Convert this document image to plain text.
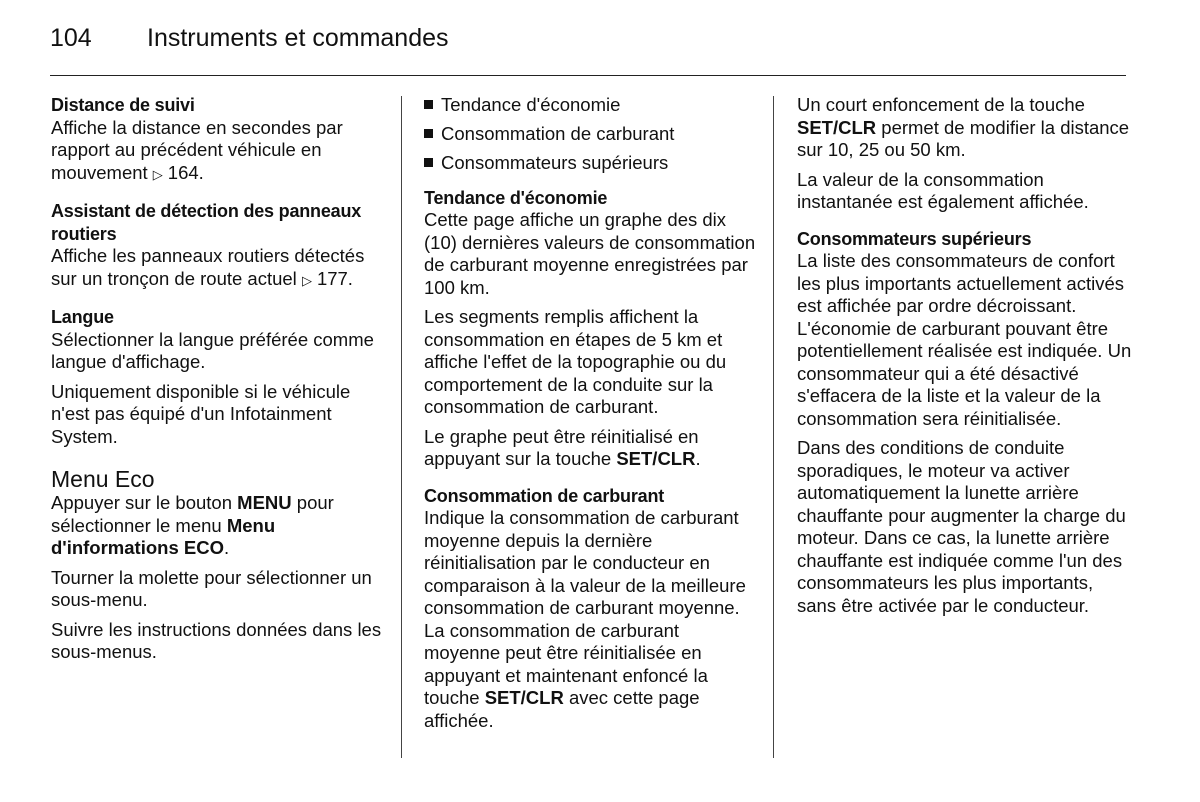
104 Instruments et commandes
Distance de suivi

Affiche la distance en secondes par rapport au précédent véhicule en mouvement ▷ 164.

Assistant de détection des panneaux routiers

Affiche les panneaux routiers détectés sur un tronçon de route actuel ▷ 177.

Langue

Sélectionner la langue préférée comme langue d'affichage.

Uniquement disponible si le véhicule n'est pas équipé d'un Infotainment System.

Menu Eco

Appuyer sur le bouton MENU pour sélectionner le menu Menu d'informations ECO.

Tourner la molette pour sélectionner un sous-menu.

Suivre les instructions données dans les sous-menus.

Tendance d'économie
Consommation de carburant
Consommateurs supérieurs
Tendance d'économie

Cette page affiche un graphe des dix (10) dernières valeurs de consommation de carburant moyenne enregistrées par 100 km.

Les segments remplis affichent la consommation en étapes de 5 km et affiche l'effet de la topographie ou du comportement de la conduite sur la consommation de carburant.

Le graphe peut être réinitialisé en appuyant sur la touche SET/CLR.

Consommation de carburant

Indique la consommation de carburant moyenne depuis la dernière réinitialisation par le conducteur en comparaison à la valeur de la meilleure consommation de carburant moyenne. La consommation de carburant moyenne peut être réinitialisée en appuyant et maintenant enfoncé la touche SET/CLR avec cette page affichée.

Un court enfoncement de la touche SET/CLR permet de modifier la distance sur 10, 25 ou 50 km.

La valeur de la consommation instantanée est également affichée.

Consommateurs supérieurs

La liste des consommateurs de confort les plus importants actuellement activés est affichée par ordre décroissant. L'économie de carburant pouvant être potentiellement réalisée est indiquée. Un consommateur qui a été désactivé s'effacera de la liste et la valeur de la consommation sera réinitialisée.

Dans des conditions de conduite sporadiques, le moteur va activer automatiquement la lunette arrière chauffante pour augmenter la charge du moteur. Dans ce cas, la lunette arrière chauffante est indiquée comme l'un des consommateurs les plus importants, sans être activée par le conducteur.
